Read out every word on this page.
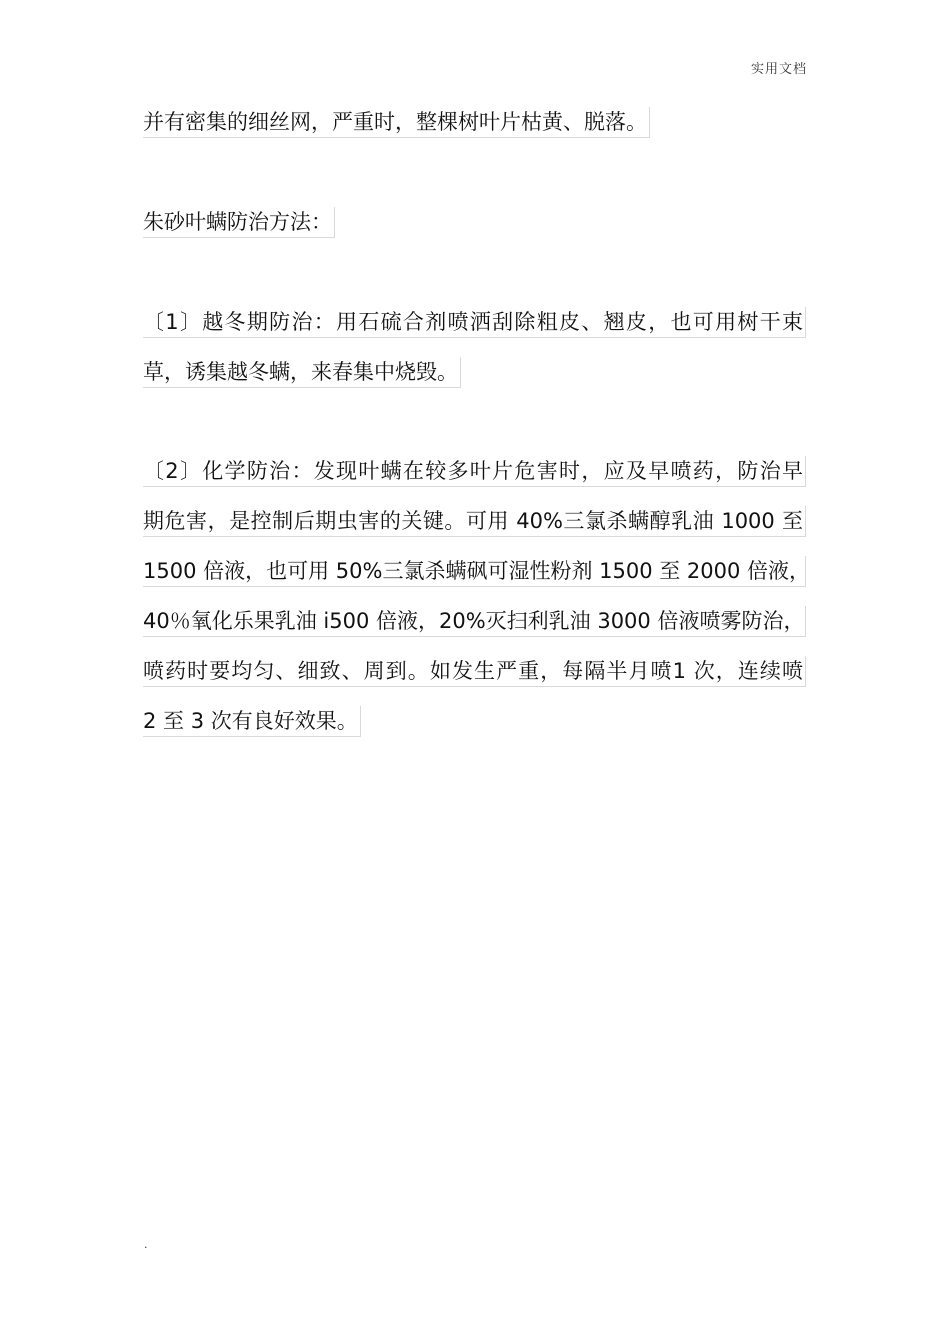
实用文档
并有密集的细丝网，严重时，整棵树叶片枯黄、脱落。
朱砂叶螨防治方法：
〔1〕越冬期防治：用石硫合剂喷洒刮除粗皮、翘皮，也可用树干束
草，诱集越冬螨，来春集中烧毁。
〔2〕化学防治：发现叶螨在较多叶片危害时，应及早喷药，防治早
期危害，是控制后期虫害的关键。可用 40%三氯杀螨醇乳油 1000 至
1500 倍液，也可用 50%三氯杀螨砜可湿性粉剂 1500 至 2000 倍液，
40％氧化乐果乳油 i500 倍液，20%灭扫利乳油 3000 倍液喷雾防治，
喷药时要均匀、细致、周到。如发生严重，每隔半月喷1 次，连续喷
2 至 3 次有良好效果。
.
